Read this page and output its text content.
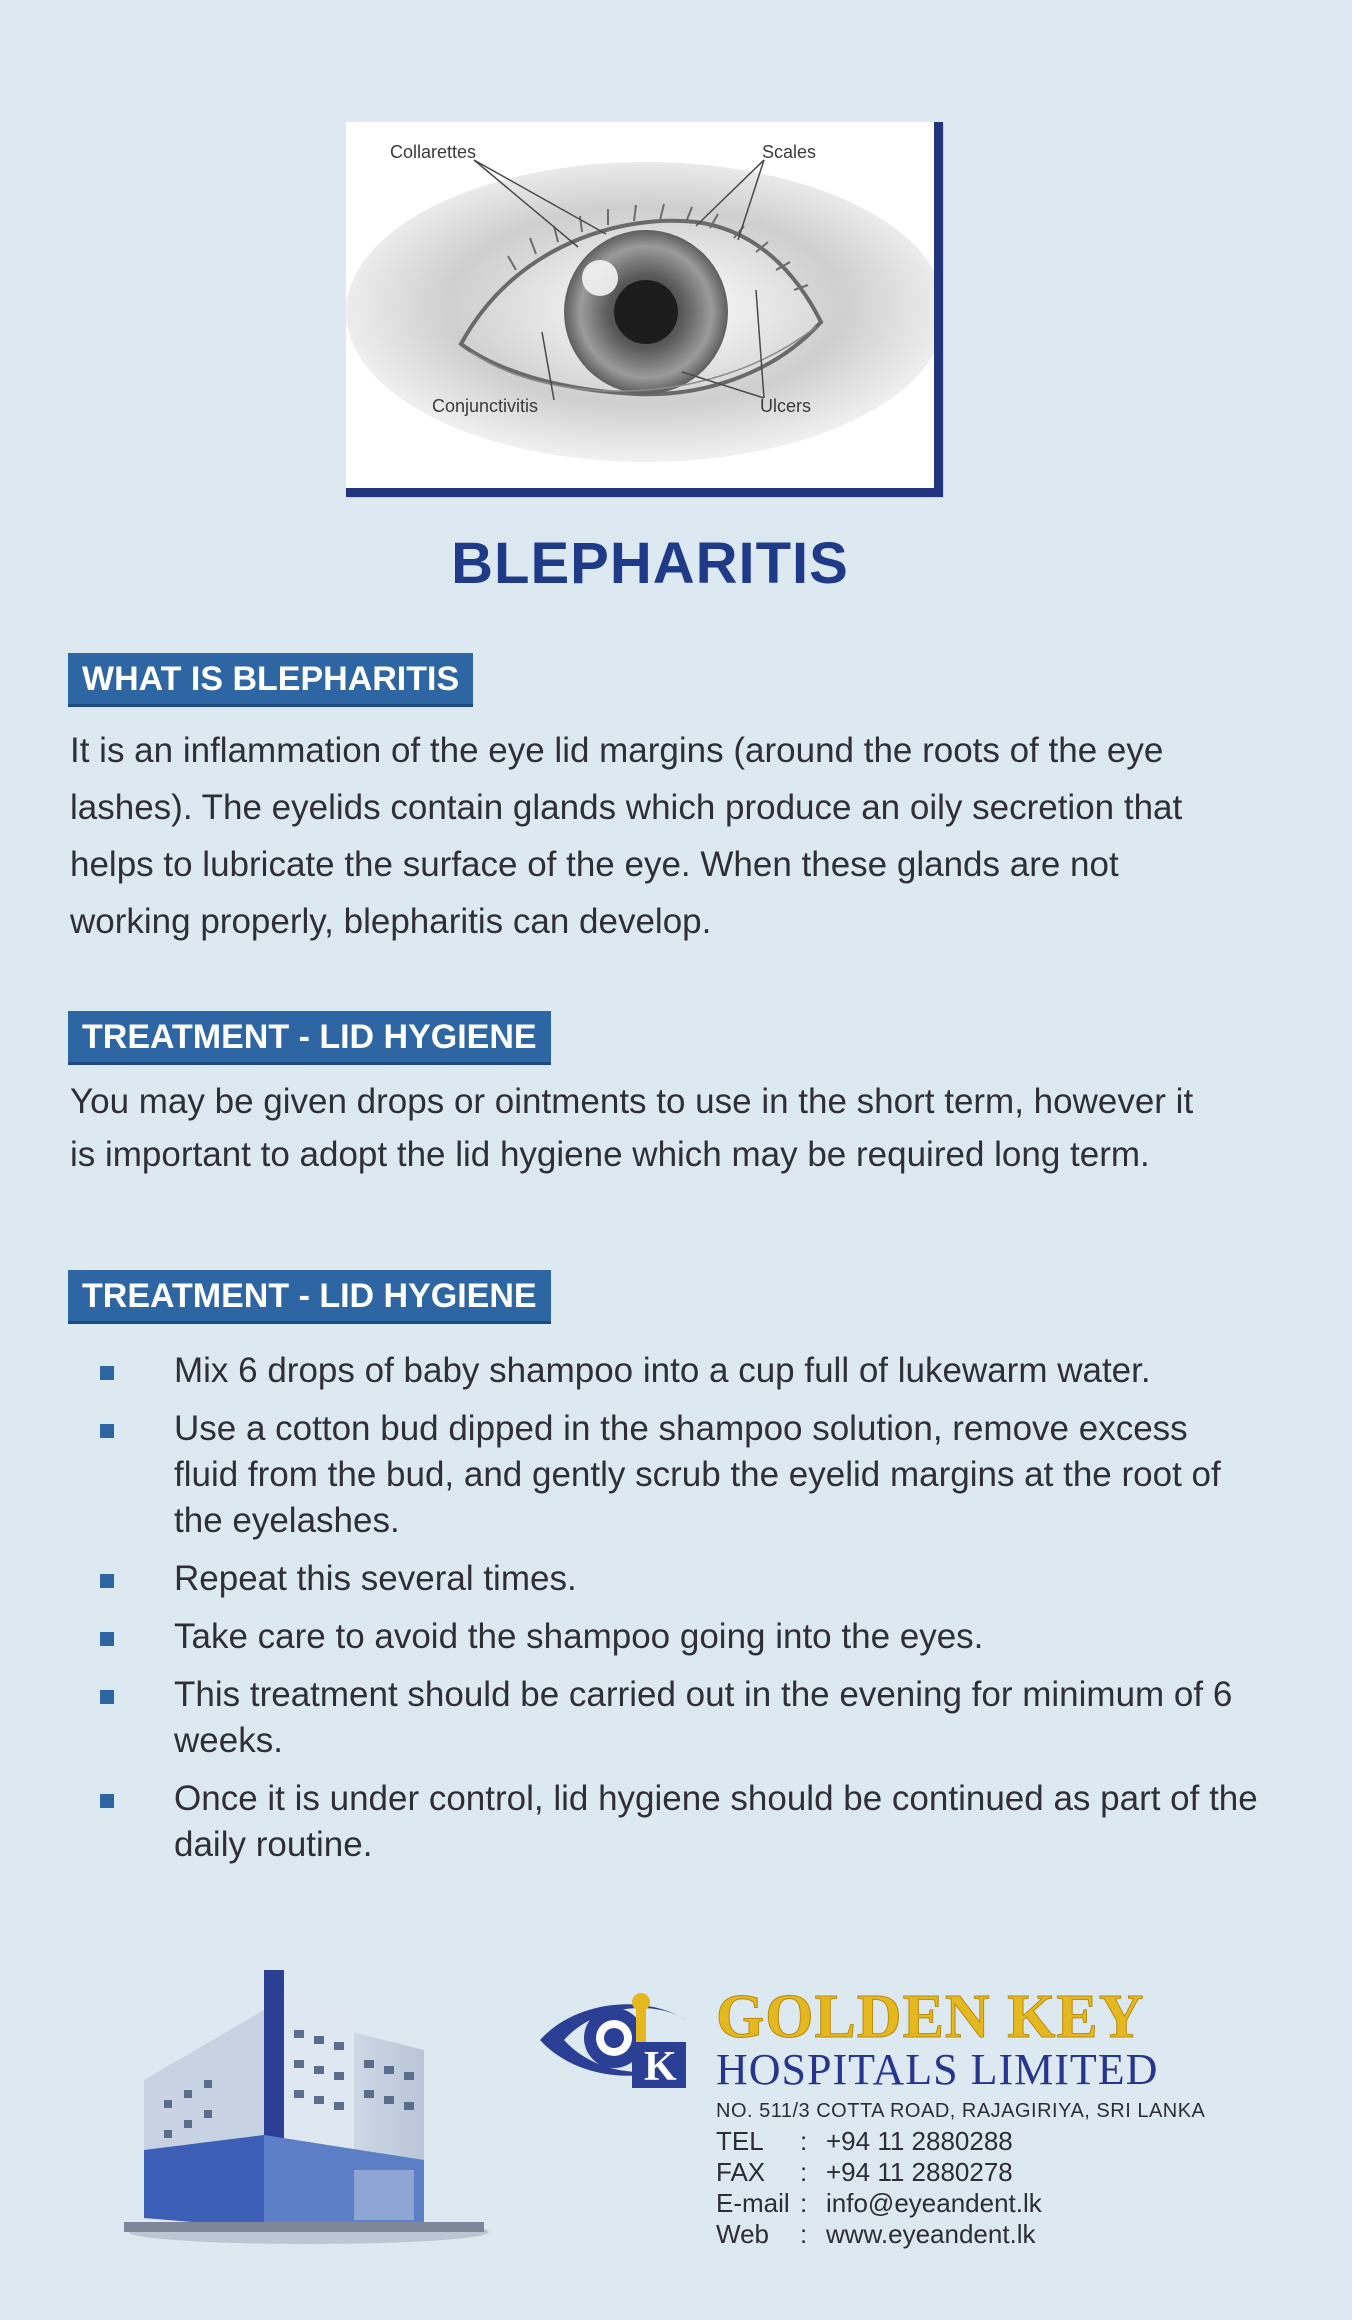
Collarettes	Scales
Conjunctivitis	Ulcers
BLEPHARITIS
WHAT IS BLEPHARITIS
It is an inflammation of the eye lid margins (around the roots of the eye lashes). The eyelids contain glands which produce an oily secretion that helps to lubricate the surface of the eye. When these glands are not working properly, blepharitis can develop.
TREATMENT - LID HYGIENE
You may be given drops or ointments to use in the short term, however it is important to adopt the lid hygiene which may be required long term.
TREATMENT - LID HYGIENE
Mix 6 drops of baby shampoo into a cup full of lukewarm water.
Use a cotton bud dipped in the shampoo solution, remove excess fluid from the bud, and gently scrub the eyelid margins at the root of the eyelashes.
Repeat this several times.
Take care to avoid the shampoo going into the eyes.
This treatment should be carried out in the evening for minimum of 6 weeks.
Once it is under control, lid hygiene should be continued as part of the daily routine.
K
GOLDEN KEY
HOSPITALS LIMITED
NO. 511/3 COTTA ROAD, RAJAGIRIYA, SRI LANKA
TEL : +94 11 2880288
FAX : +94 11 2880278
E-mail : info@eyeandent.lk
Web : www.eyeandent.lk
